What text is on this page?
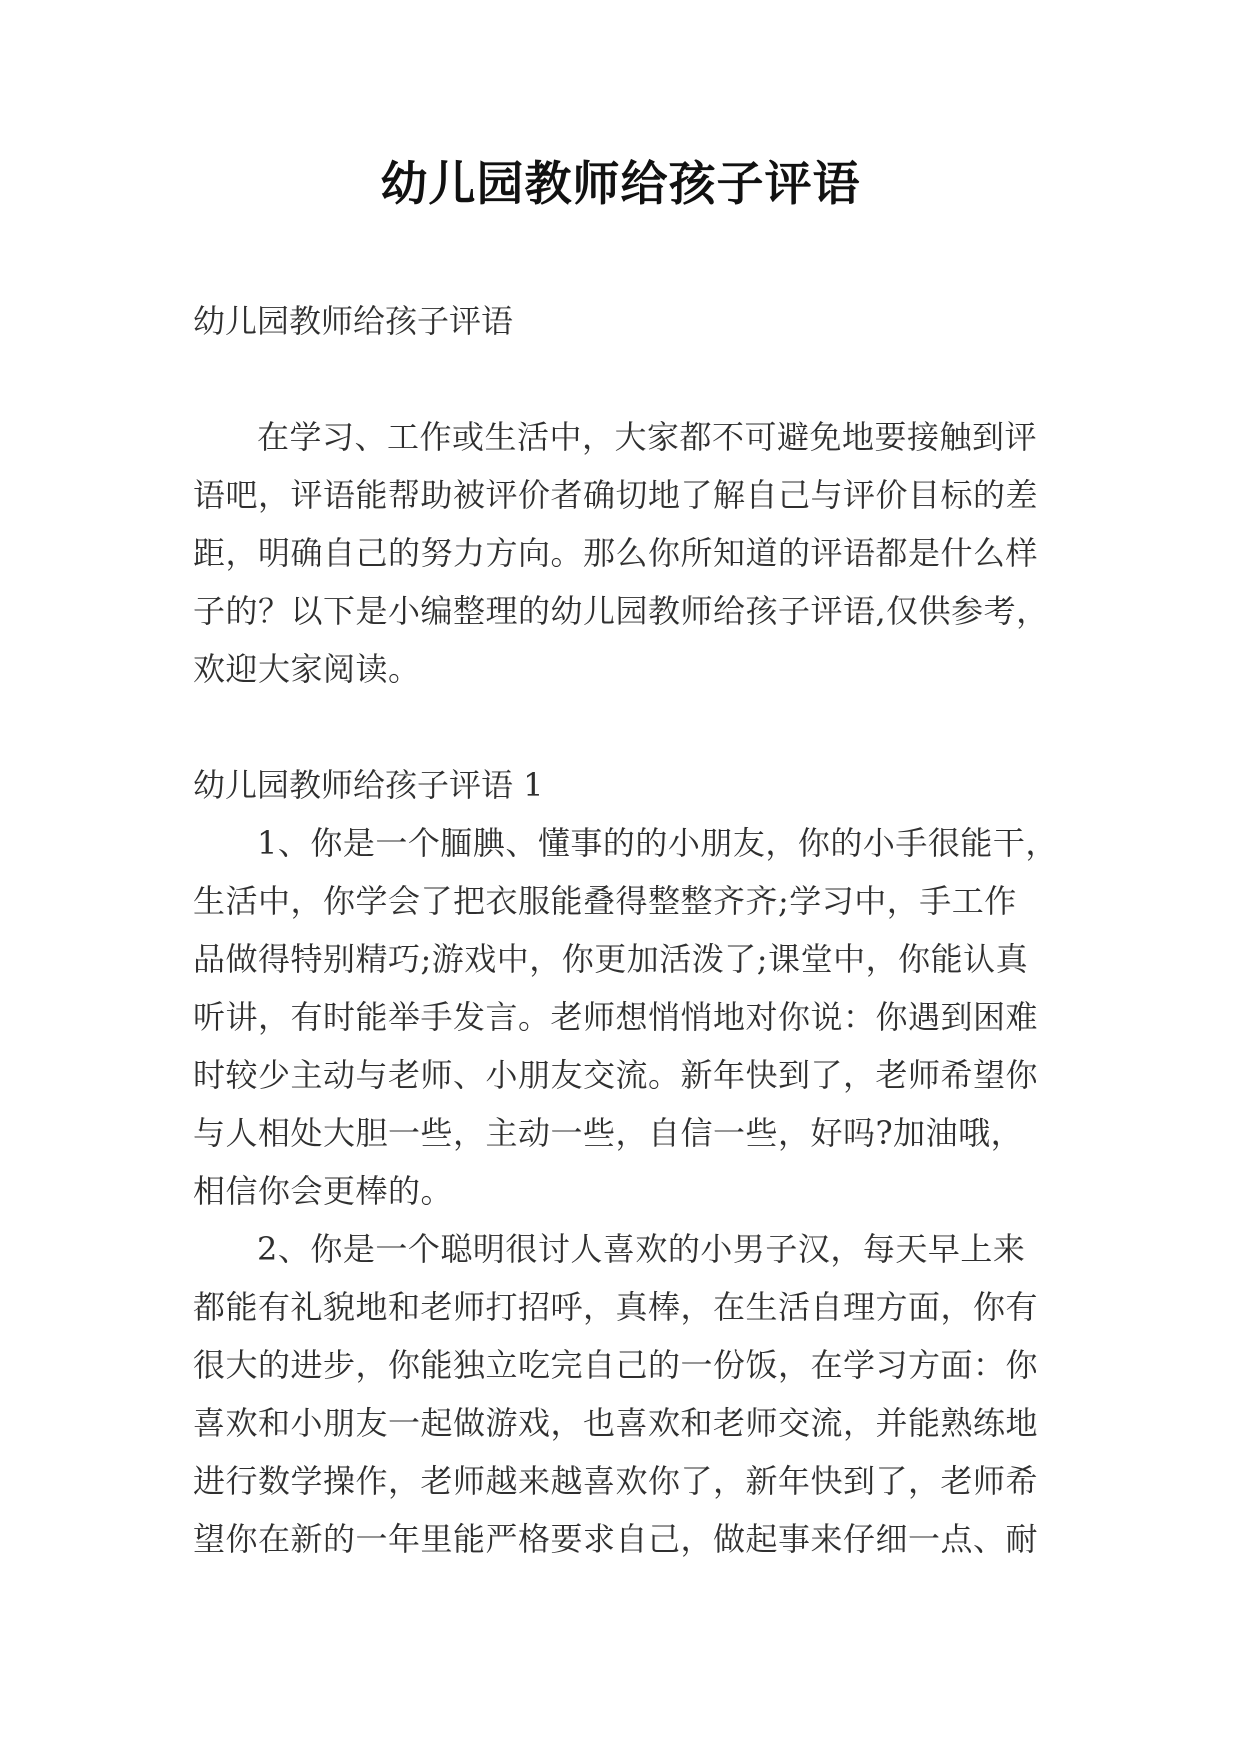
幼儿园教师给孩子评语
幼儿园教师给孩子评语
在学习、工作或生活中，大家都不可避免地要接触到评
语吧，评语能帮助被评价者确切地了解自己与评价目标的差
距，明确自己的努力方向。那么你所知道的评语都是什么样
子的？以下是小编整理的幼儿园教师给孩子评语,仅供参考，
欢迎大家阅读。
幼儿园教师给孩子评语 1
1、你是一个腼腆、懂事的的小朋友，你的小手很能干，
生活中，你学会了把衣服能叠得整整齐齐;学习中，手工作
品做得特别精巧;游戏中，你更加活泼了;课堂中，你能认真
听讲，有时能举手发言。老师想悄悄地对你说：你遇到困难
时较少主动与老师、小朋友交流。新年快到了，老师希望你
与人相处大胆一些，主动一些，自信一些，好吗?加油哦，
相信你会更棒的。
2、你是一个聪明很讨人喜欢的小男子汉，每天早上来
都能有礼貌地和老师打招呼，真棒，在生活自理方面，你有
很大的进步，你能独立吃完自己的一份饭，在学习方面：你
喜欢和小朋友一起做游戏，也喜欢和老师交流，并能熟练地
进行数学操作，老师越来越喜欢你了，新年快到了，老师希
望你在新的一年里能严格要求自己，做起事来仔细一点、耐
